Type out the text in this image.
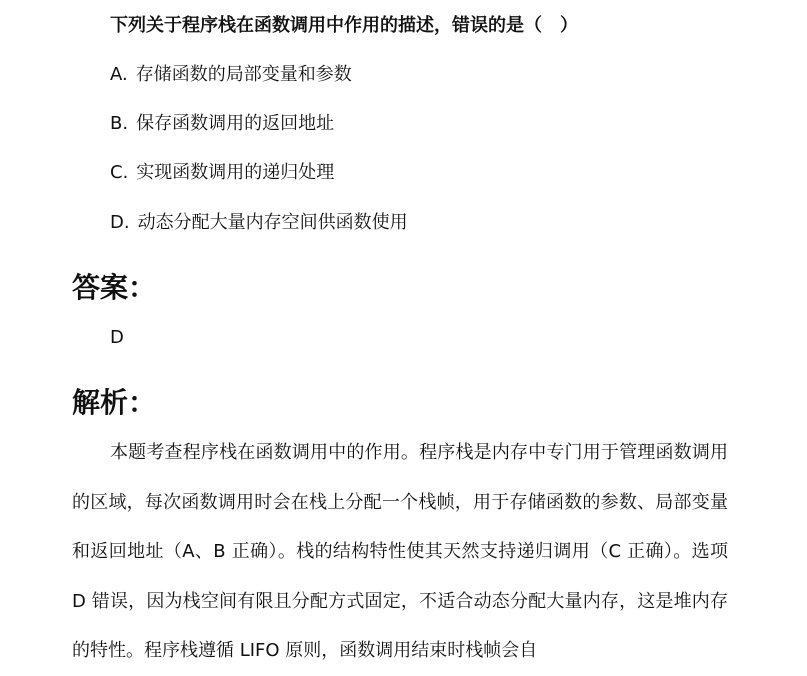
下列关于程序栈在函数调用中作用的描述，错误的是（　）
A. 存储函数的局部变量和参数
B. 保存函数调用的返回地址
C. 实现函数调用的递归处理
D. 动态分配大量内存空间供函数使用
答案：
D
解析：
本题考查程序栈在函数调用中的作用。程序栈是内存中专门用于管理函数调用的区域，每次函数调用时会在栈上分配一个栈帧，用于存储函数的参数、局部变量和返回地址（A、B 正确）。栈的结构特性使其天然支持递归调用（C 正确）。选项 D 错误，因为栈空间有限且分配方式固定，不适合动态分配大量内存，这是堆内存的特性。程序栈遵循 LIFO 原则，函数调用结束时栈帧会自
